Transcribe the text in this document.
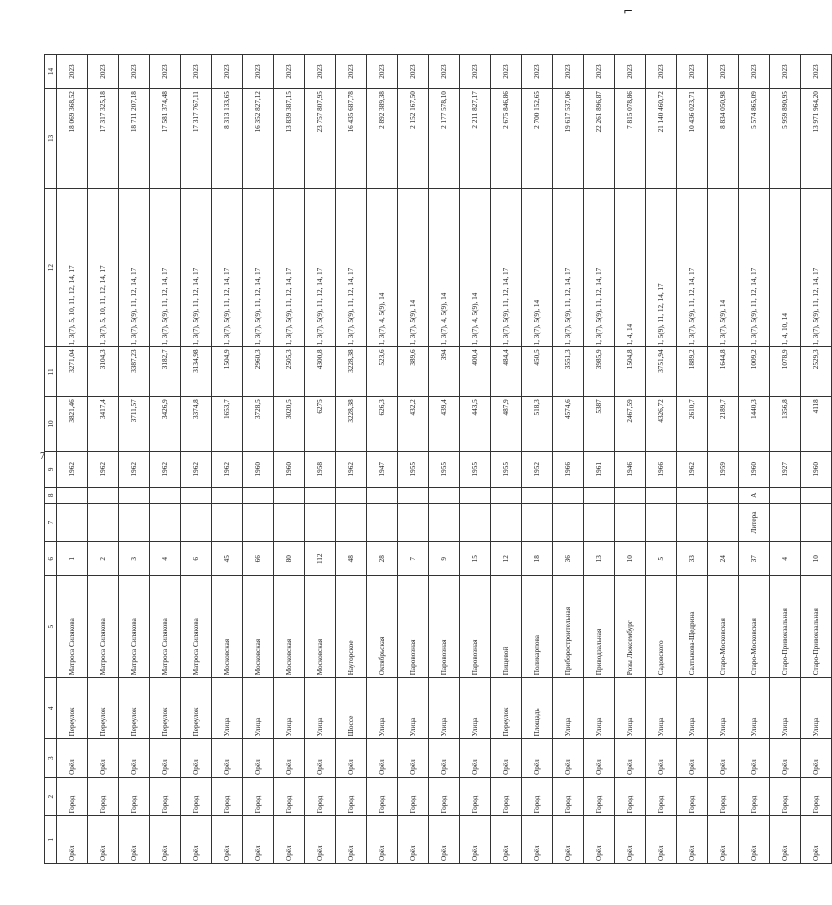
⌐
7
1	2	3	4	5	6	7	8	9	10	11	12	13	14
Орёл	Город	Орёл	Переулок	Матроса Силякова	1			1962	3821,46	3271,04	1, 3(7), 5, 10, 11, 12, 14, 17	18 069 368,52	2023
Орёл	Город	Орёл	Переулок	Матроса Силякова	2			1962	3417,4	3104,3	1, 3(7), 5, 10, 11, 12, 14, 17	17 317 325,18	2023
Орёл	Город	Орёл	Переулок	Матроса Силякова	3			1962	3711,57	3387,23	1, 3(7), 5(9), 11, 12, 14, 17	18 711 207,18	2023
Орёл	Город	Орёл	Переулок	Матроса Силякова	4			1962	3426,9	3182,7	1, 3(7), 5(9), 11, 12, 14, 17	17 581 374,48	2023
Орёл	Город	Орёл	Переулок	Матроса Силякова	6			1962	3374,8	3134,98	1, 3(7), 5(9), 11, 12, 14, 17	17 317 767,11	2023
Орёл	Город	Орёл	Улица	Московская	45			1962	1653,7	1504,9	1, 3(7), 5(9), 11, 12, 14, 17	8 313 133,65	2023
Орёл	Город	Орёл	Улица	Московская	66			1960	3728,5	2960,3	1, 3(7), 5(9), 11, 12, 14, 17	16 352 827,12	2023
Орёл	Город	Орёл	Улица	Московская	80			1960	3020,5	2505,3	1, 3(7), 5(9), 11, 12, 14, 17	13 839 387,15	2023
Орёл	Город	Орёл	Улица	Московская	112			1958	6275	4300,8	1, 3(7), 5(9), 11, 12, 14, 17	23 757 807,95	2023
Орёл	Город	Орёл	Шоссе	Наугорское	48			1962	3228,38	3228,38	1, 3(7), 5(9), 11, 12, 14, 17	16 435 687,78	2023
Орёл	Город	Орёл	Улица	Октябрьская	28			1947	626,3	523,6	1, 3(7), 4, 5(9), 14	2 892 389,38	2023
Орёл	Город	Орёл	Улица	Паровозная	7			1955	432,2	389,6	1, 3(7), 5(9), 14	2 152 167,50	2023
Орёл	Город	Орёл	Улица	Паровозная	9			1955	439,4	394	1, 3(7), 4, 5(9), 14	2 177 578,10	2023
Орёл	Город	Орёл	Улица	Паровозная	15			1955	443,5	400,4	1, 3(7), 4, 5(9), 14	2 211 827,17	2023
Орёл	Город	Орёл	Переулок	Пищевой	12			1955	487,9	484,4	1, 3(7), 5(9), 11, 12, 14, 17	2 675 846,86	2023
Орёл	Город	Орёл	Площадь	Поликарпова	18			1952	518,3	450,5	1, 3(7), 5(9), 14	2 700 152,65	2023
Орёл	Город	Орёл	Улица	Приборостроительная	36			1966	4574,6	3551,3	1, 3(7), 5(9), 11, 12, 14, 17	19 617 537,06	2023
Орёл	Город	Орёл	Улица	Приводзальная	13			1961	5387	3985,9	1, 3(7), 5(9), 11, 12, 14, 17	22 261 896,87	2023
Орёл	Город	Орёл	Улица	Розы Люксембург	10			1946	2467,59	1504,8	1, 4, 14	7 815 078,86	2023
Орёл	Город	Орёл	Улица	Садовского	5			1966	4326,72	3751,94	1, 5(9), 11, 12, 14, 17	21 140 460,72	2023
Орёл	Город	Орёл	Улица	Салтыкова-Щедрина	33			1962	2610,7	1889,2	1, 3(7), 5(9), 11, 12, 14, 17	10 436 023,71	2023
Орёл	Город	Орёл	Улица	Старо-Московская	24			1959	2189,7	1644,8	1, 3(7), 5(9), 14	8 834 050,98	2023
Орёл	Город	Орёл	Улица	Старо-Московская	37	Литера	А	1960	1440,3	1009,2	1, 3(7), 5(9), 11, 12, 14, 17	5 574 865,09	2023
Орёл	Город	Орёл	Улица	Старо-Привокзальная	4			1927	1356,8	1078,9	1, 4, 10, 14	5 959 890,95	2023
Орёл	Город	Орёл	Улица	Старо-Привокзальная	10			1960	4118	2529,3	1, 3(7), 5(9), 11, 12, 14, 17	13 971 964,20	2023
